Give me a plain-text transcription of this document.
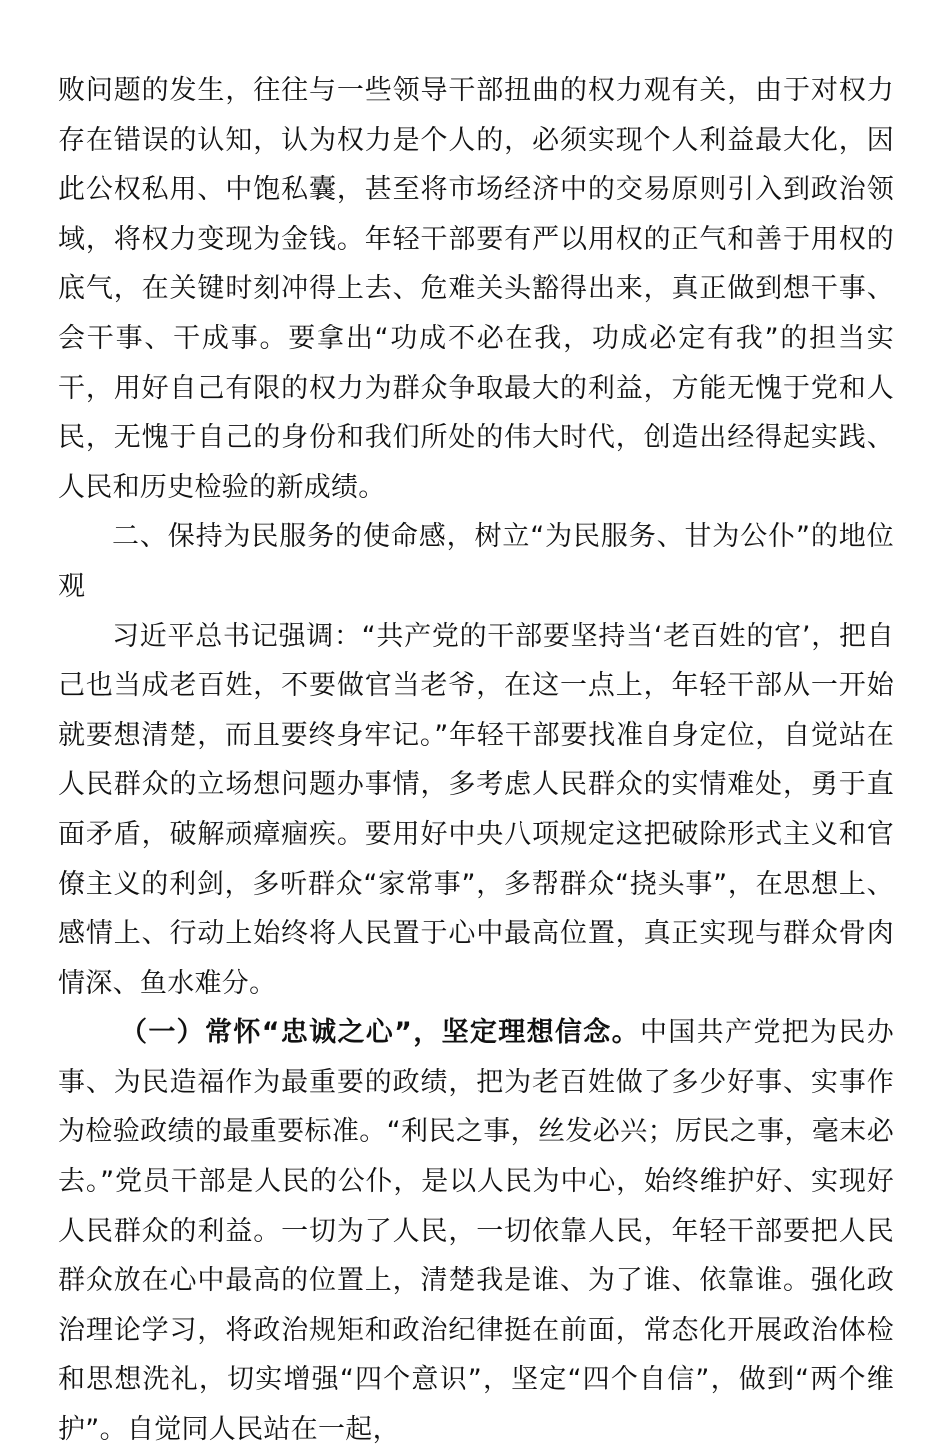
败问题的发生，往往与一些领导干部扭曲的权力观有关，由于对权力存在错误的认知，认为权力是个人的，必须实现个人利益最大化，因此公权私用、中饱私囊，甚至将市场经济中的交易原则引入到政治领域，将权力变现为金钱。年轻干部要有严以用权的正气和善于用权的底气，在关键时刻冲得上去、危难关头豁得出来，真正做到想干事、会干事、干成事。要拿出“功成不必在我，功成必定有我”的担当实干，用好自己有限的权力为群众争取最大的利益，方能无愧于党和人民，无愧于自己的身份和我们所处的伟大时代，创造出经得起实践、人民和历史检验的新成绩。

二、保持为民服务的使命感，树立“为民服务、甘为公仆”的地位观

习近平总书记强调：“共产党的干部要坚持当‘老百姓的官’，把自己也当成老百姓，不要做官当老爷，在这一点上，年轻干部从一开始就要想清楚，而且要终身牢记。”年轻干部要找准自身定位，自觉站在人民群众的立场想问题办事情，多考虑人民群众的实情难处，勇于直面矛盾，破解顽瘴痼疾。要用好中央八项规定这把破除形式主义和官僚主义的利剑，多听群众“家常事”，多帮群众“挠头事”，在思想上、感情上、行动上始终将人民置于心中最高位置，真正实现与群众骨肉情深、鱼水难分。

（一）常怀“忠诚之心”，坚定理想信念。中国共产党把为民办事、为民造福作为最重要的政绩，把为老百姓做了多少好事、实事作为检验政绩的最重要标准。“利民之事，丝发必兴；厉民之事，毫末必去。”党员干部是人民的公仆，是以人民为中心，始终维护好、实现好人民群众的利益。一切为了人民，一切依靠人民，年轻干部要把人民群众放在心中最高的位置上，清楚我是谁、为了谁、依靠谁。强化政治理论学习，将政治规矩和政治纪律挺在前面，常态化开展政治体检和思想洗礼，切实增强“四个意识”，坚定“四个自信”，做到“两个维护”。自觉同人民站在一起，
